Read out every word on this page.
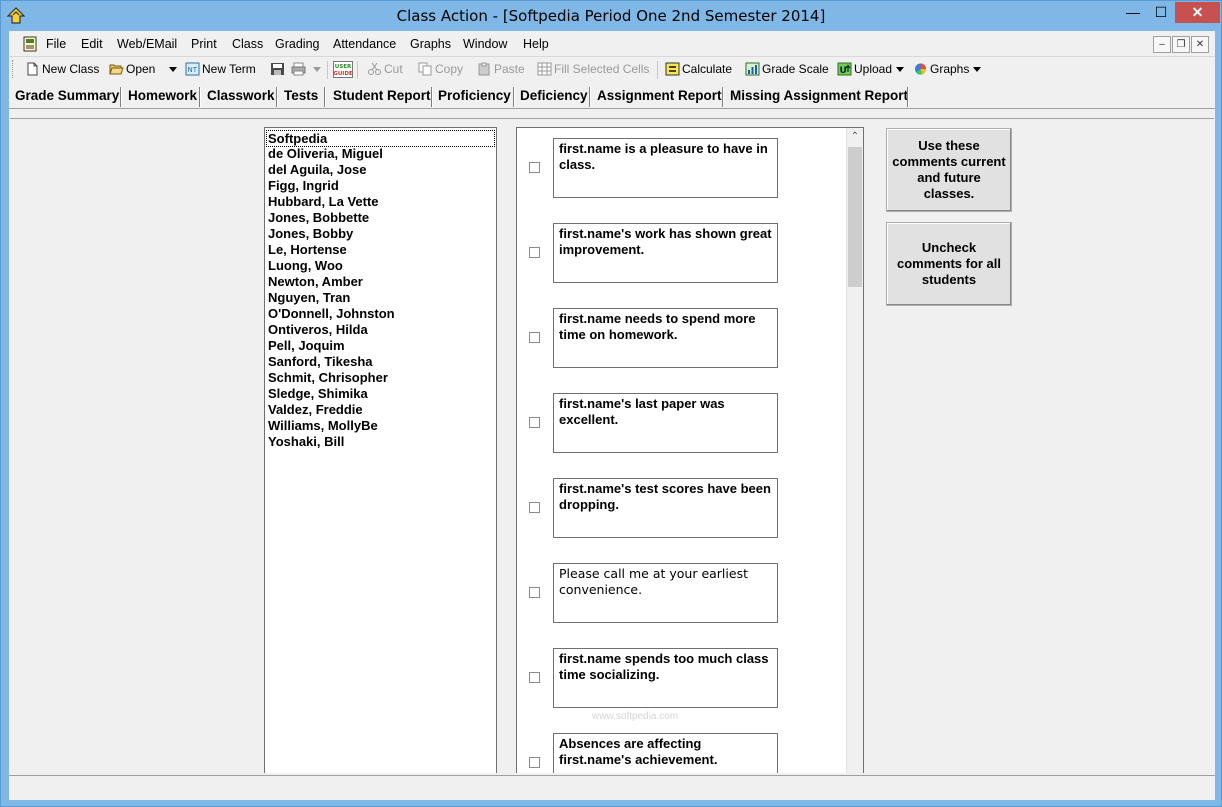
Class Action - [Softpedia Period One 2nd Semester 2014]	—	☐	✕
File Edit Web/EMail Print Class Grading Attendance Graphs Window Help	– ❐ ✕
New Class	Open	NT New Term	USER
GUIDE	Cut	Copy	Paste	Fill Selected Cells	Calculate	Grade Scale U Upload	Graphs
Grade Summary Homework Classwork Tests Student Report Proficiency Deficiency Assignment Report Missing Assignment Report
Softpedia
de Oliveria, Miguel
del Aguila, Jose
Figg, Ingrid
Hubbard, La Vette
Jones, Bobbette
Jones, Bobby
Le, Hortense
Luong, Woo
Newton, Amber
Nguyen, Tran
O'Donnell, Johnston
Ontiveros, Hilda
Pell, Joquim
Sanford, Tikesha
Schmit, Chrisopher
Sledge, Shimika
Valdez, Freddie
Williams, MollyBe
Yoshaki, Bill
first.name is a pleasure to have in class.
first.name's work has shown great improvement.
first.name needs to spend more time on homework.
first.name's last paper was excellent.
first.name's test scores have been dropping.
Please call me at your earliest convenience.
first.name spends too much class time socializing.
Absences are affecting first.name's achievement.
⌃
Use these comments current and future classes.
Uncheck comments for all students
www.softpedia.com
